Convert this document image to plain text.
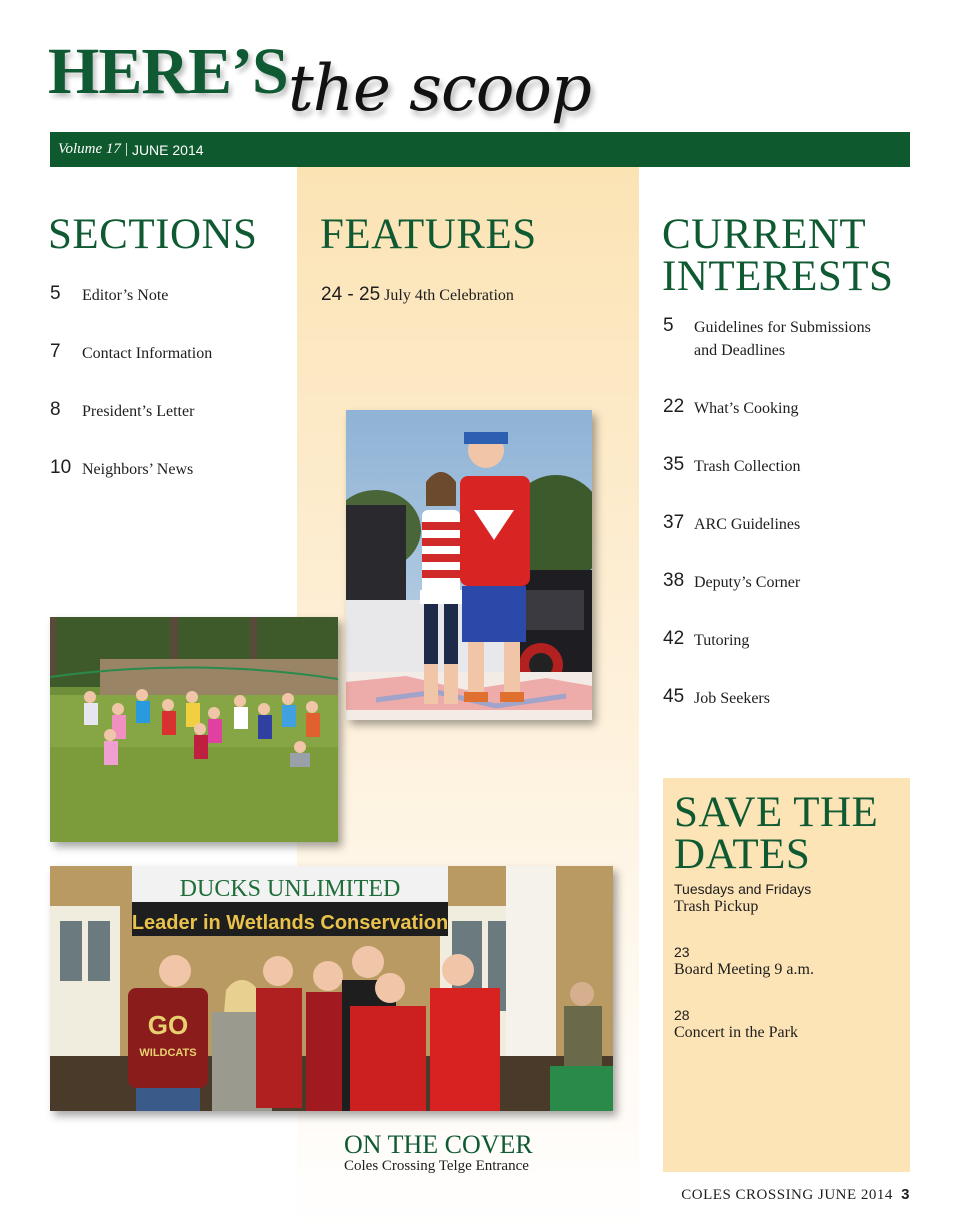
HERE’S the scoop
Volume 17 | JUNE 2014
SECTIONS
5 Editor’s Note
7 Contact Information
8 President’s Letter
10 Neighbors’ News
FEATURES
24 - 25 July 4th Celebration
CURRENT
INTERESTS
5 Guidelines for Submissions
and Deadlines
22 What’s Cooking
35 Trash Collection
37 ARC Guidelines
38 Deputy’s Corner
42 Tutoring
45 Job Seekers
DUCKS UNLIMITED
Leader in Wetlands Conservation
GO
WILDCATS
SAVE THE
DATES
Tuesdays and Fridays
Trash Pickup
23
Board Meeting 9 a.m.
28
Concert in the Park
ON THE COVER
Coles Crossing Telge Entrance
COLES CROSSING JUNE 2014 3
